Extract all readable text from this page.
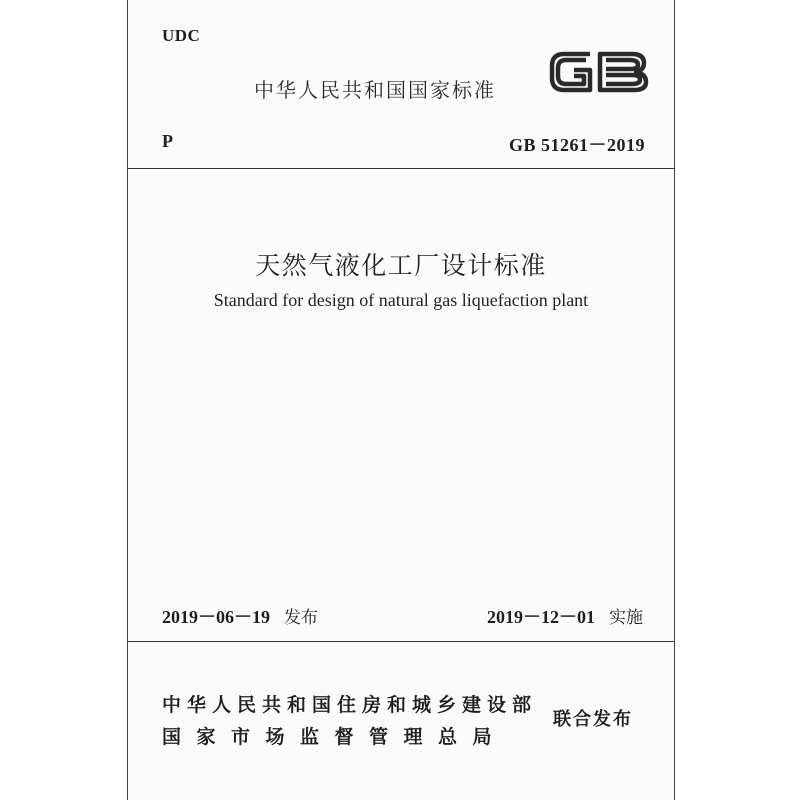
UDC
中华人民共和国国家标准
P	GB 51261－2019
天然气液化工厂设计标准
Standard for design of natural gas liquefaction plant
2019－06－19 发布	2019－12－01 实施
中华人民共和国住房和城乡建设部
国家市场监督管理总局
联合发布
